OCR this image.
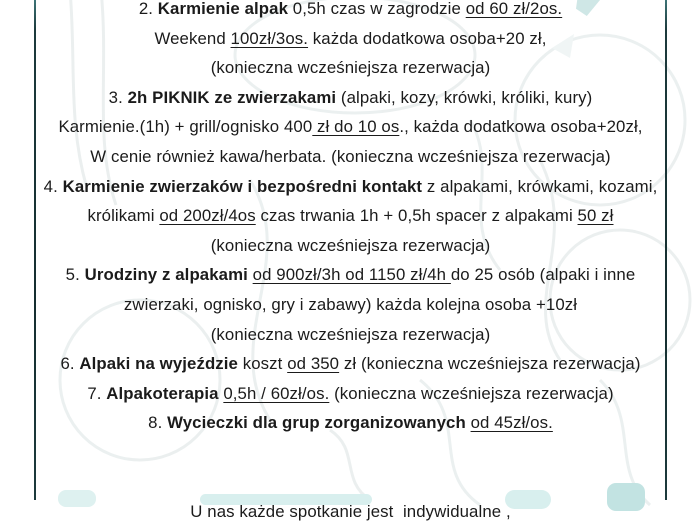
2. Karmienie alpak 0,5h czas w zagrodzie od 60 zł/2os.
Weekend 100zł/3os. każda dodatkowa osoba+20 zł,
(konieczna wcześniejsza rezerwacja)
3. 2h PIKNIK ze zwierzakami (alpaki, kozy, krówki, króliki, kury)
Karmienie.(1h) + grill/ognisko 400 zł do 10 os., każda dodatkowa osoba+20zł,
W cenie również kawa/herbata. (konieczna wcześniejsza rezerwacja)
4. Karmienie zwierzaków i bezpośredni kontakt z alpakami, krówkami, kozami,
królikami od 200zł/4os czas trwania 1h + 0,5h spacer z alpakami 50 zł
(konieczna wcześniejsza rezerwacja)
5. Urodziny z alpakami od 900zł/3h od 1150 zł/4h do 25 osób (alpaki i inne
zwierzaki, ognisko, gry i zabawy) każda kolejna osoba +10zł
(konieczna wcześniejsza rezerwacja)
6. Alpaki na wyjeździe koszt od 350 zł (konieczna wcześniejsza rezerwacja)
7. Alpakoterapia 0,5h / 60zł/os. (konieczna wcześniejsza rezerwacja)
8. Wycieczki dla grup zorganizowanych od 45zł/os.
U nas każde spotkanie jest  indywidualne ,
